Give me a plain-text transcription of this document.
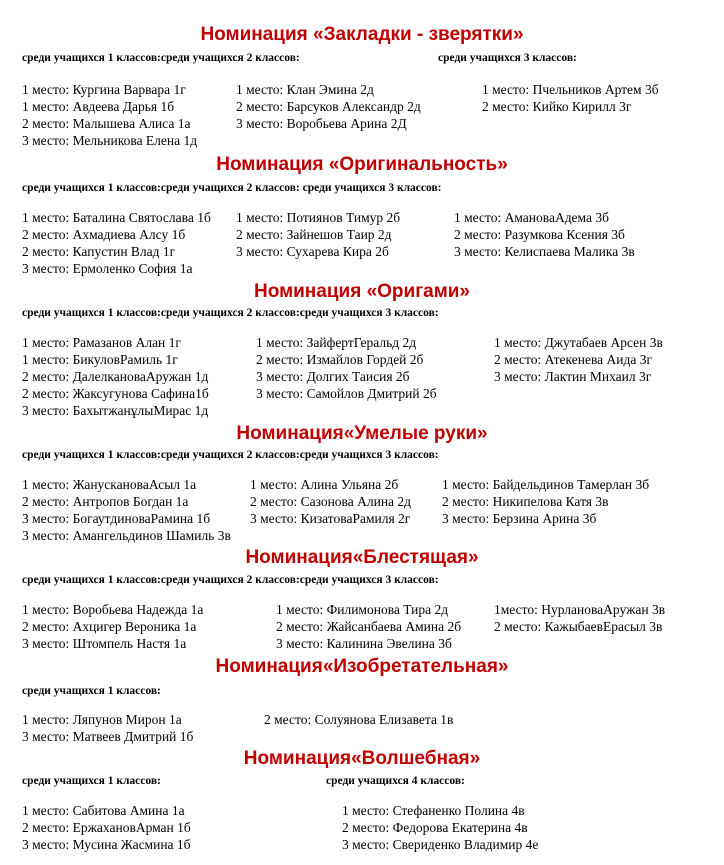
Номинация «Закладки - зверятки»
среди учащихся 1 классов:среди учащихся 2 классов:	среди учащихся 3 классов:
1 место: Кургина Варвара 1г
1 место: Авдеева Дарья 1б
2 место: Малышева Алиса 1а
3 место: Мельникова Елена 1д
1 место: Клан Эмина 2д
2 место: Барсуков Александр 2д
3 место: Воробьева Арина 2Д
1 место: Пчельников Артем 3б
2 место: Кийко Кирилл 3г
Номинация «Оригинальность»
среди учащихся 1 классов:среди учащихся 2 классов: среди учащихся 3 классов:
1 место: Баталина Святослава 1б
2 место: Ахмадиева Алсу 1б
2 место: Капустин Влад 1г
3 место: Ермоленко София 1а
1 место: Потиянов Тимур 2б
2 место: Зайнешов Таир 2д
3 место: Сухарева Кира 2б
1 место: АмановаАдема 3б
2 место: Разумкова Ксения 3б
3 место: Келиспаева Малика 3в
Номинация «Оригами»
среди учащихся 1 классов:среди учащихся 2 классов:среди учащихся 3 классов:
1 место: Рамазанов Алан 1г
1 место: БикуловРамиль 1г
2 место: ДалелкановаАружан 1д
2 место: Жаксугунова Сафина1б
3 место: БахытжанұлыМирас 1д
1 место: ЗайфертГеральд 2д
2 место: Измайлов Гордей 2б
3 место: Долгих Таисия 2б
3 место: Самойлов Дмитрий 2б
1 место: Джутабаев Арсен 3в
2 место: Атекенева Аида 3г
3 место: Лактин Михаил 3г
Номинация«Умелые руки»
среди учащихся 1 классов:среди учащихся 2 классов:среди учащихся 3 классов:
1 место: ЖанускановаАсыл 1а
2 место: Антропов Богдан 1а
3 место: БогаутдиноваРамина 1б
3 место: Амангельдинов Шамиль 3в
1 место: Алина Ульяна 2б
2 место: Сазонова Алина 2д
3 место: КизатоваРамиля 2г
1 место: Байдельдинов Тамерлан 3б
2 место: Никипелова Катя 3в
3 место: Берзина Арина 3б
Номинация«Блестящая»
среди учащихся 1 классов:среди учащихся 2 классов:среди учащихся 3 классов:
1 место: Воробьева Надежда 1а
2 место: Ахцигер Вероника 1а
3 место: Штомпель Настя 1а
1 место: Филимонова Тира 2д
2 место: Жайсанбаева Амина 2б
3 место: Калинина Эвелина 3б
1место: НурлановаАружан 3в
2 место: КажыбаевЕрасыл 3в
Номинация«Изобретательная»
среди учащихся 1 классов:
1 место: Ляпунов Мирон 1а
3 место: Матвеев Дмитрий 1б
2 место: Солуянова Елизавета 1в
Номинация«Волшебная»
среди учащихся 1 классов:	среди учащихся 4 классов:
1 место: Сабитова Амина 1а
2 место: ЕржахановАрман 1б
3 место: Мусина Жасмина 1б
1 место: Стефаненко Полина 4в
2 место: Федорова Екатерина 4в
3 место: Свериденко Владимир 4е
